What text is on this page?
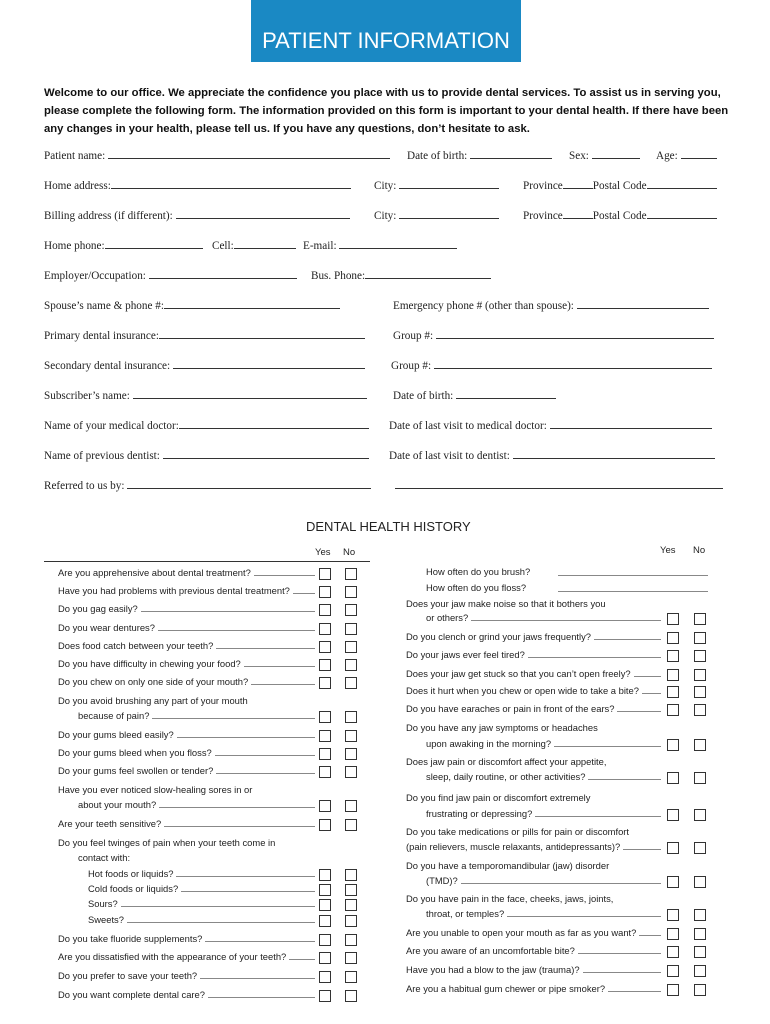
PATIENT INFORMATION
Welcome to our office. We appreciate the confidence you place with us to provide dental services. To assist us in serving you, please complete the following form. The information provided on this form is important to your dental health. If there have been any changes in your health, please tell us. If you have any questions, don’t hesitate to ask.
Patient name:	Date of birth:	Sex:	Age:
Home address:	City:	Province	Postal Code
Billing address (if different):	City:	Province	Postal Code
Home phone:	Cell:	E-mail:
Employer/Occupation:	Bus. Phone:
Spouse’s name & phone #:	Emergency phone # (other than spouse):
Primary dental insurance:	Group #:
Secondary dental insurance:	Group #:
Subscriber’s name:	Date of birth:
Name of your medical doctor:	Date of last visit to medical doctor:
Name of previous dentist:	Date of last visit to dentist:
Referred to us by:
DENTAL HEALTH HISTORY
Yes No	Yes No
Are you apprehensive about dental treatment?
Have you had problems with previous dental treatment?
Do you gag easily?
Do you wear dentures?
Does food catch between your teeth?
Do you have difficulty in chewing your food?
Do you chew on only one side of your mouth?
Do you avoid brushing any part of your mouth
because of pain?
Do your gums bleed easily?
Do your gums bleed when you floss?
Do your gums feel swollen or tender?
Have you ever noticed slow-healing sores in or
about your mouth?
Are your teeth sensitive?
Do you feel twinges of pain when your teeth come in
contact with:
Hot foods or liquids?
Cold foods or liquids?
Sours?
Sweets?
Do you take fluoride supplements?
Are you dissatisfied with the appearance of your teeth?
Do you prefer to save your teeth?
Do you want complete dental care?
How often do you brush?
How often do you floss?
Does your jaw make noise so that it bothers you
or others?
Do you clench or grind your jaws frequently?
Do your jaws ever feel tired?
Does your jaw get stuck so that you can’t open freely?
Does it hurt when you chew or open wide to take a bite?
Do you have earaches or pain in front of the ears?
Do you have any jaw symptoms or headaches
upon awaking in the morning?
Does jaw pain or discomfort affect your appetite,
sleep, daily routine, or other activities?
Do you find jaw pain or discomfort extremely
frustrating or depressing?
Do you take medications or pills for pain or discomfort
(pain relievers, muscle relaxants, antidepressants)?
Do you have a temporomandibular (jaw) disorder
(TMD)?
Do you have pain in the face, cheeks, jaws, joints,
throat, or temples?
Are you unable to open your mouth as far as you want?
Are you aware of an uncomfortable bite?
Have you had a blow to the jaw (trauma)?
Are you a habitual gum chewer or pipe smoker?
